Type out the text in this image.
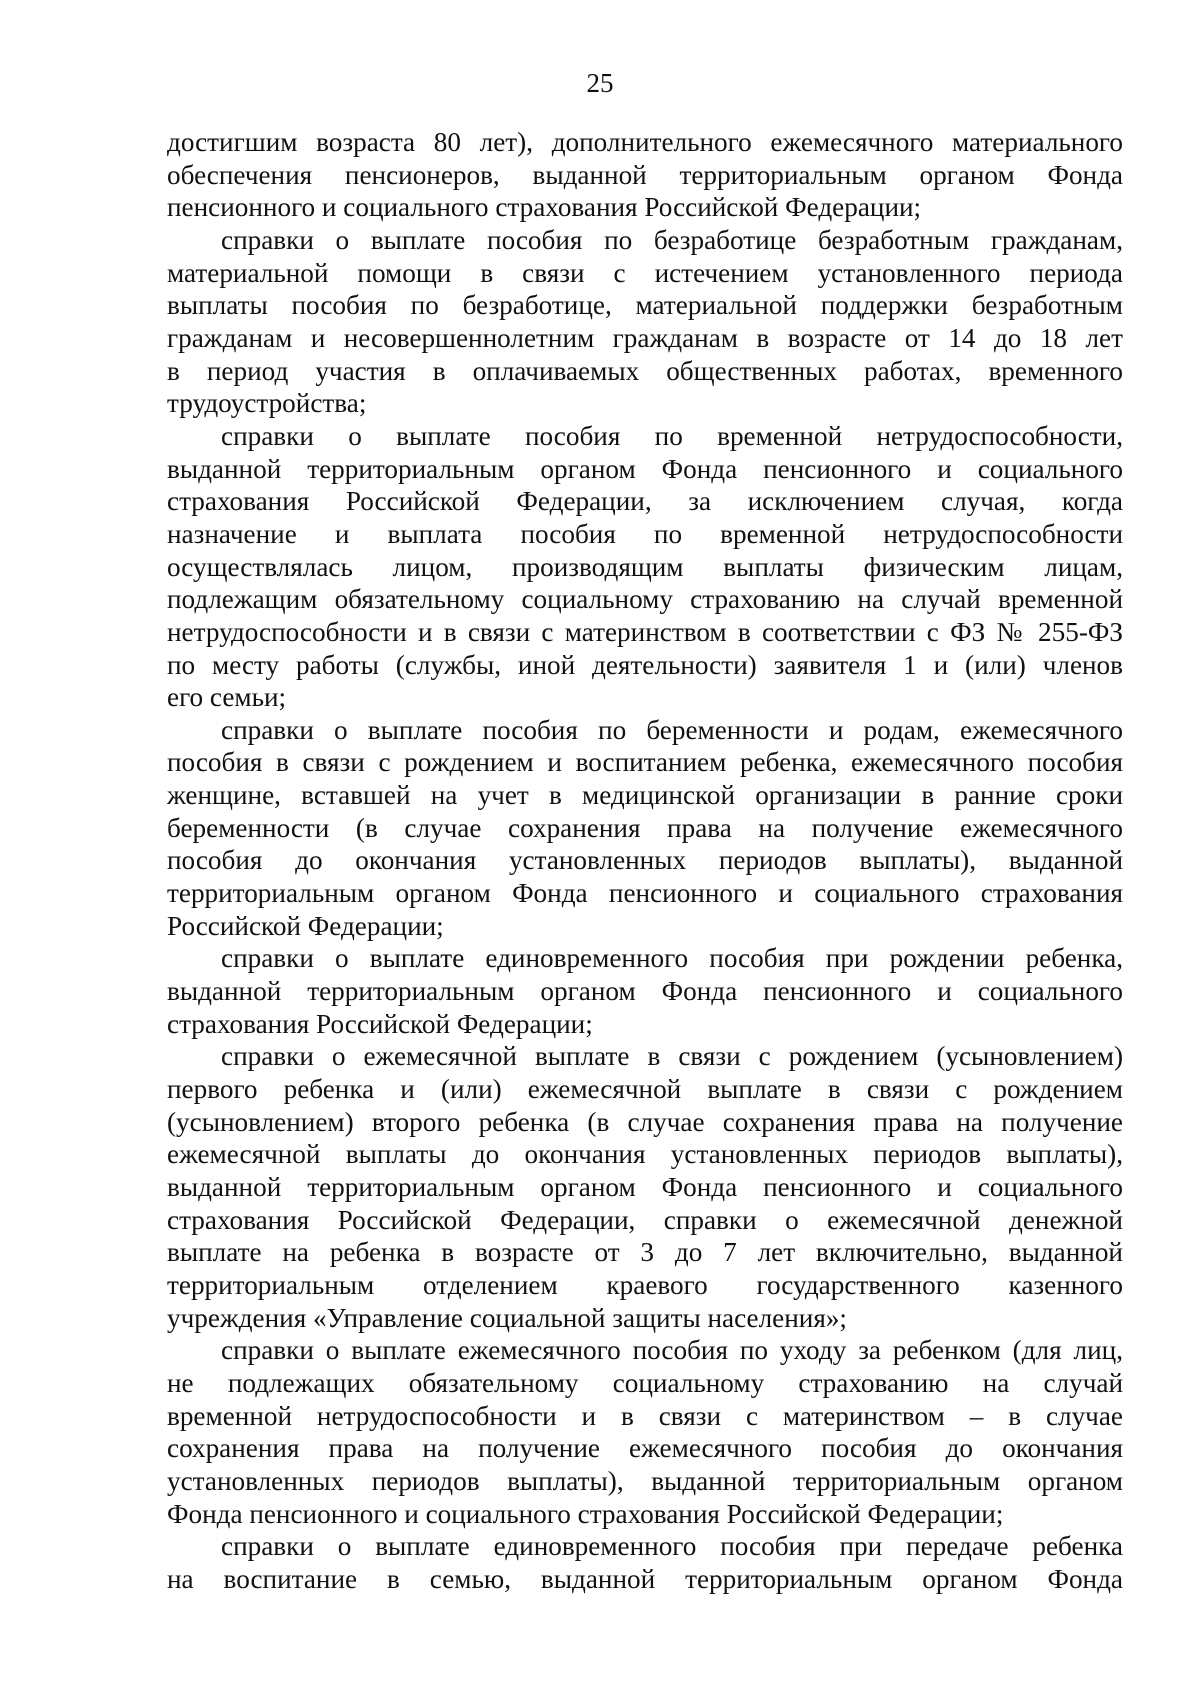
25

достигшим возраста 80 лет), дополнительного ежемесячного материального
обеспечения пенсионеров, выданной территориальным органом Фонда
пенсионного и социального страхования Российской Федерации;

справки о выплате пособия по безработице безработным гражданам,
материальной помощи в связи с истечением установленного периода
выплаты пособия по безработице, материальной поддержки безработным
гражданам и несовершеннолетним гражданам в возрасте от 14 до 18 лет
в период участия в оплачиваемых общественных работах, временного
трудоустройства;

справки о выплате пособия по временной нетрудоспособности,
выданной территориальным органом Фонда пенсионного и социального
страхования Российской Федерации, за исключением случая, когда
назначение и выплата пособия по временной нетрудоспособности
осуществлялась лицом, производящим выплаты физическим лицам,
подлежащим обязательному социальному страхованию на случай временной
нетрудоспособности и в связи с материнством в соответствии с ФЗ № 255-ФЗ
по месту работы (службы, иной деятельности) заявителя 1 и (или) членов
его семьи;

справки о выплате пособия по беременности и родам, ежемесячного
пособия в связи с рождением и воспитанием ребенка, ежемесячного пособия
женщине, вставшей на учет в медицинской организации в ранние сроки
беременности (в случае сохранения права на получение ежемесячного
пособия до окончания установленных периодов выплаты), выданной
территориальным органом Фонда пенсионного и социального страхования
Российской Федерации;

справки о выплате единовременного пособия при рождении ребенка,
выданной территориальным органом Фонда пенсионного и социального
страхования Российской Федерации;

справки о ежемесячной выплате в связи с рождением (усыновлением)
первого ребенка и (или) ежемесячной выплате в связи с рождением
(усыновлением) второго ребенка (в случае сохранения права на получение
ежемесячной выплаты до окончания установленных периодов выплаты),
выданной территориальным органом Фонда пенсионного и социального
страхования Российской Федерации, справки о ежемесячной денежной
выплате на ребенка в возрасте от 3 до 7 лет включительно, выданной
территориальным отделением краевого государственного казенного
учреждения «Управление социальной защиты населения»;

справки о выплате ежемесячного пособия по уходу за ребенком (для лиц,
не подлежащих обязательному социальному страхованию на случай
временной нетрудоспособности и в связи с материнством – в случае
сохранения права на получение ежемесячного пособия до окончания
установленных периодов выплаты), выданной территориальным органом
Фонда пенсионного и социального страхования Российской Федерации;

справки о выплате единовременного пособия при передаче ребенка
на воспитание в семью, выданной территориальным органом Фонда
